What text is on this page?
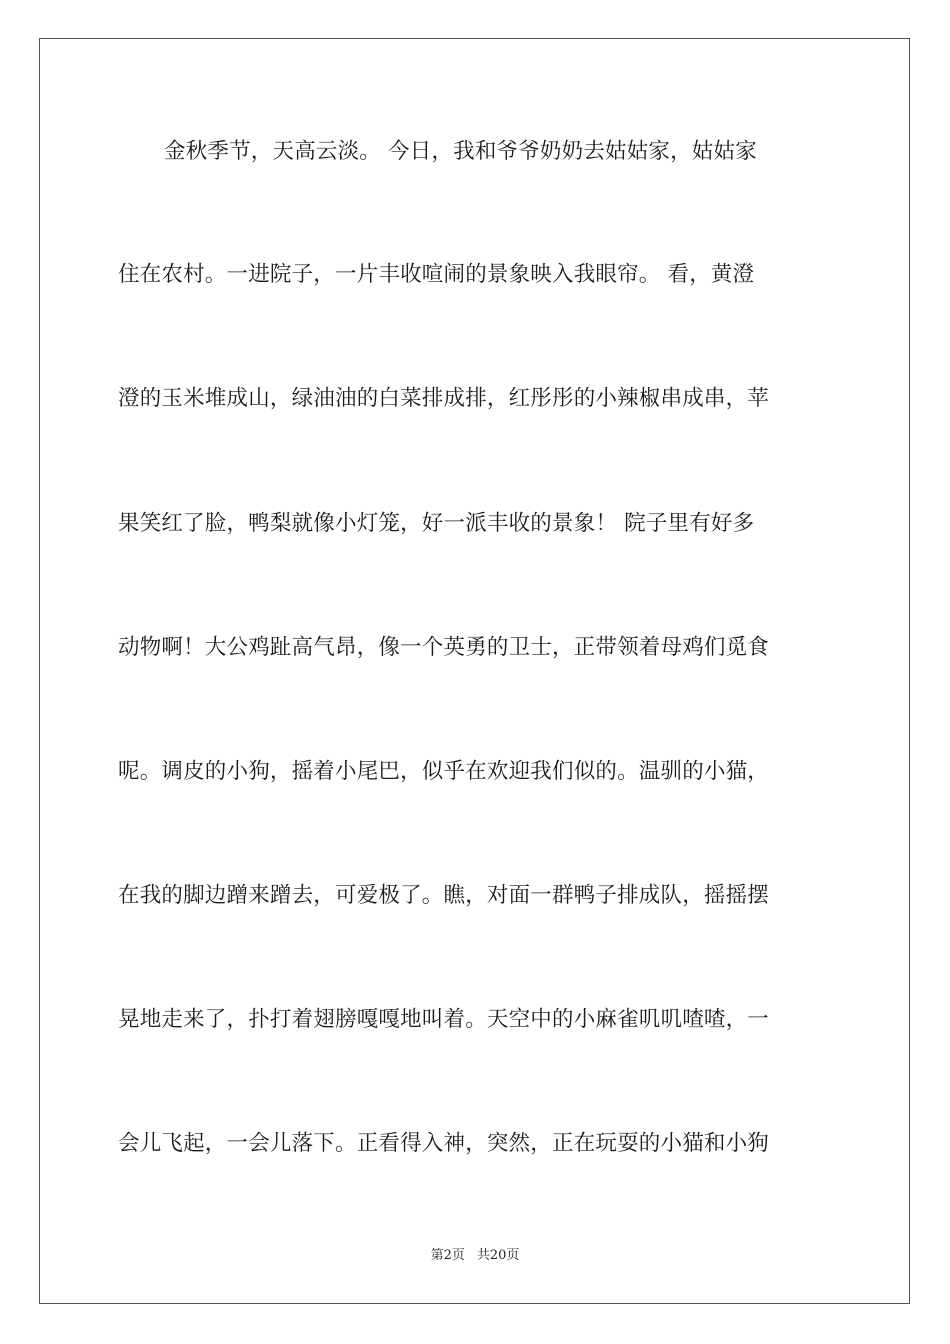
金秋季节，天高云淡。 今日，我和爷爷奶奶去姑姑家，姑姑家
住在农村。一进院子，一片丰收喧闹的景象映入我眼帘。 看，黄澄
澄的玉米堆成山，绿油油的白菜排成排，红彤彤的小辣椒串成串，苹
果笑红了脸，鸭梨就像小灯笼，好一派丰收的景象！ 院子里有好多
动物啊！大公鸡趾高气昂，像一个英勇的卫士，正带领着母鸡们觅食
呢。调皮的小狗，摇着小尾巴，似乎在欢迎我们似的。温驯的小猫，
在我的脚边蹭来蹭去，可爱极了。瞧，对面一群鸭子排成队，摇摇摆
晃地走来了，扑打着翅膀嘎嘎地叫着。天空中的小麻雀叽叽喳喳，一
会儿飞起，一会儿落下。正看得入神，突然，正在玩耍的小猫和小狗
第2页 共20页
